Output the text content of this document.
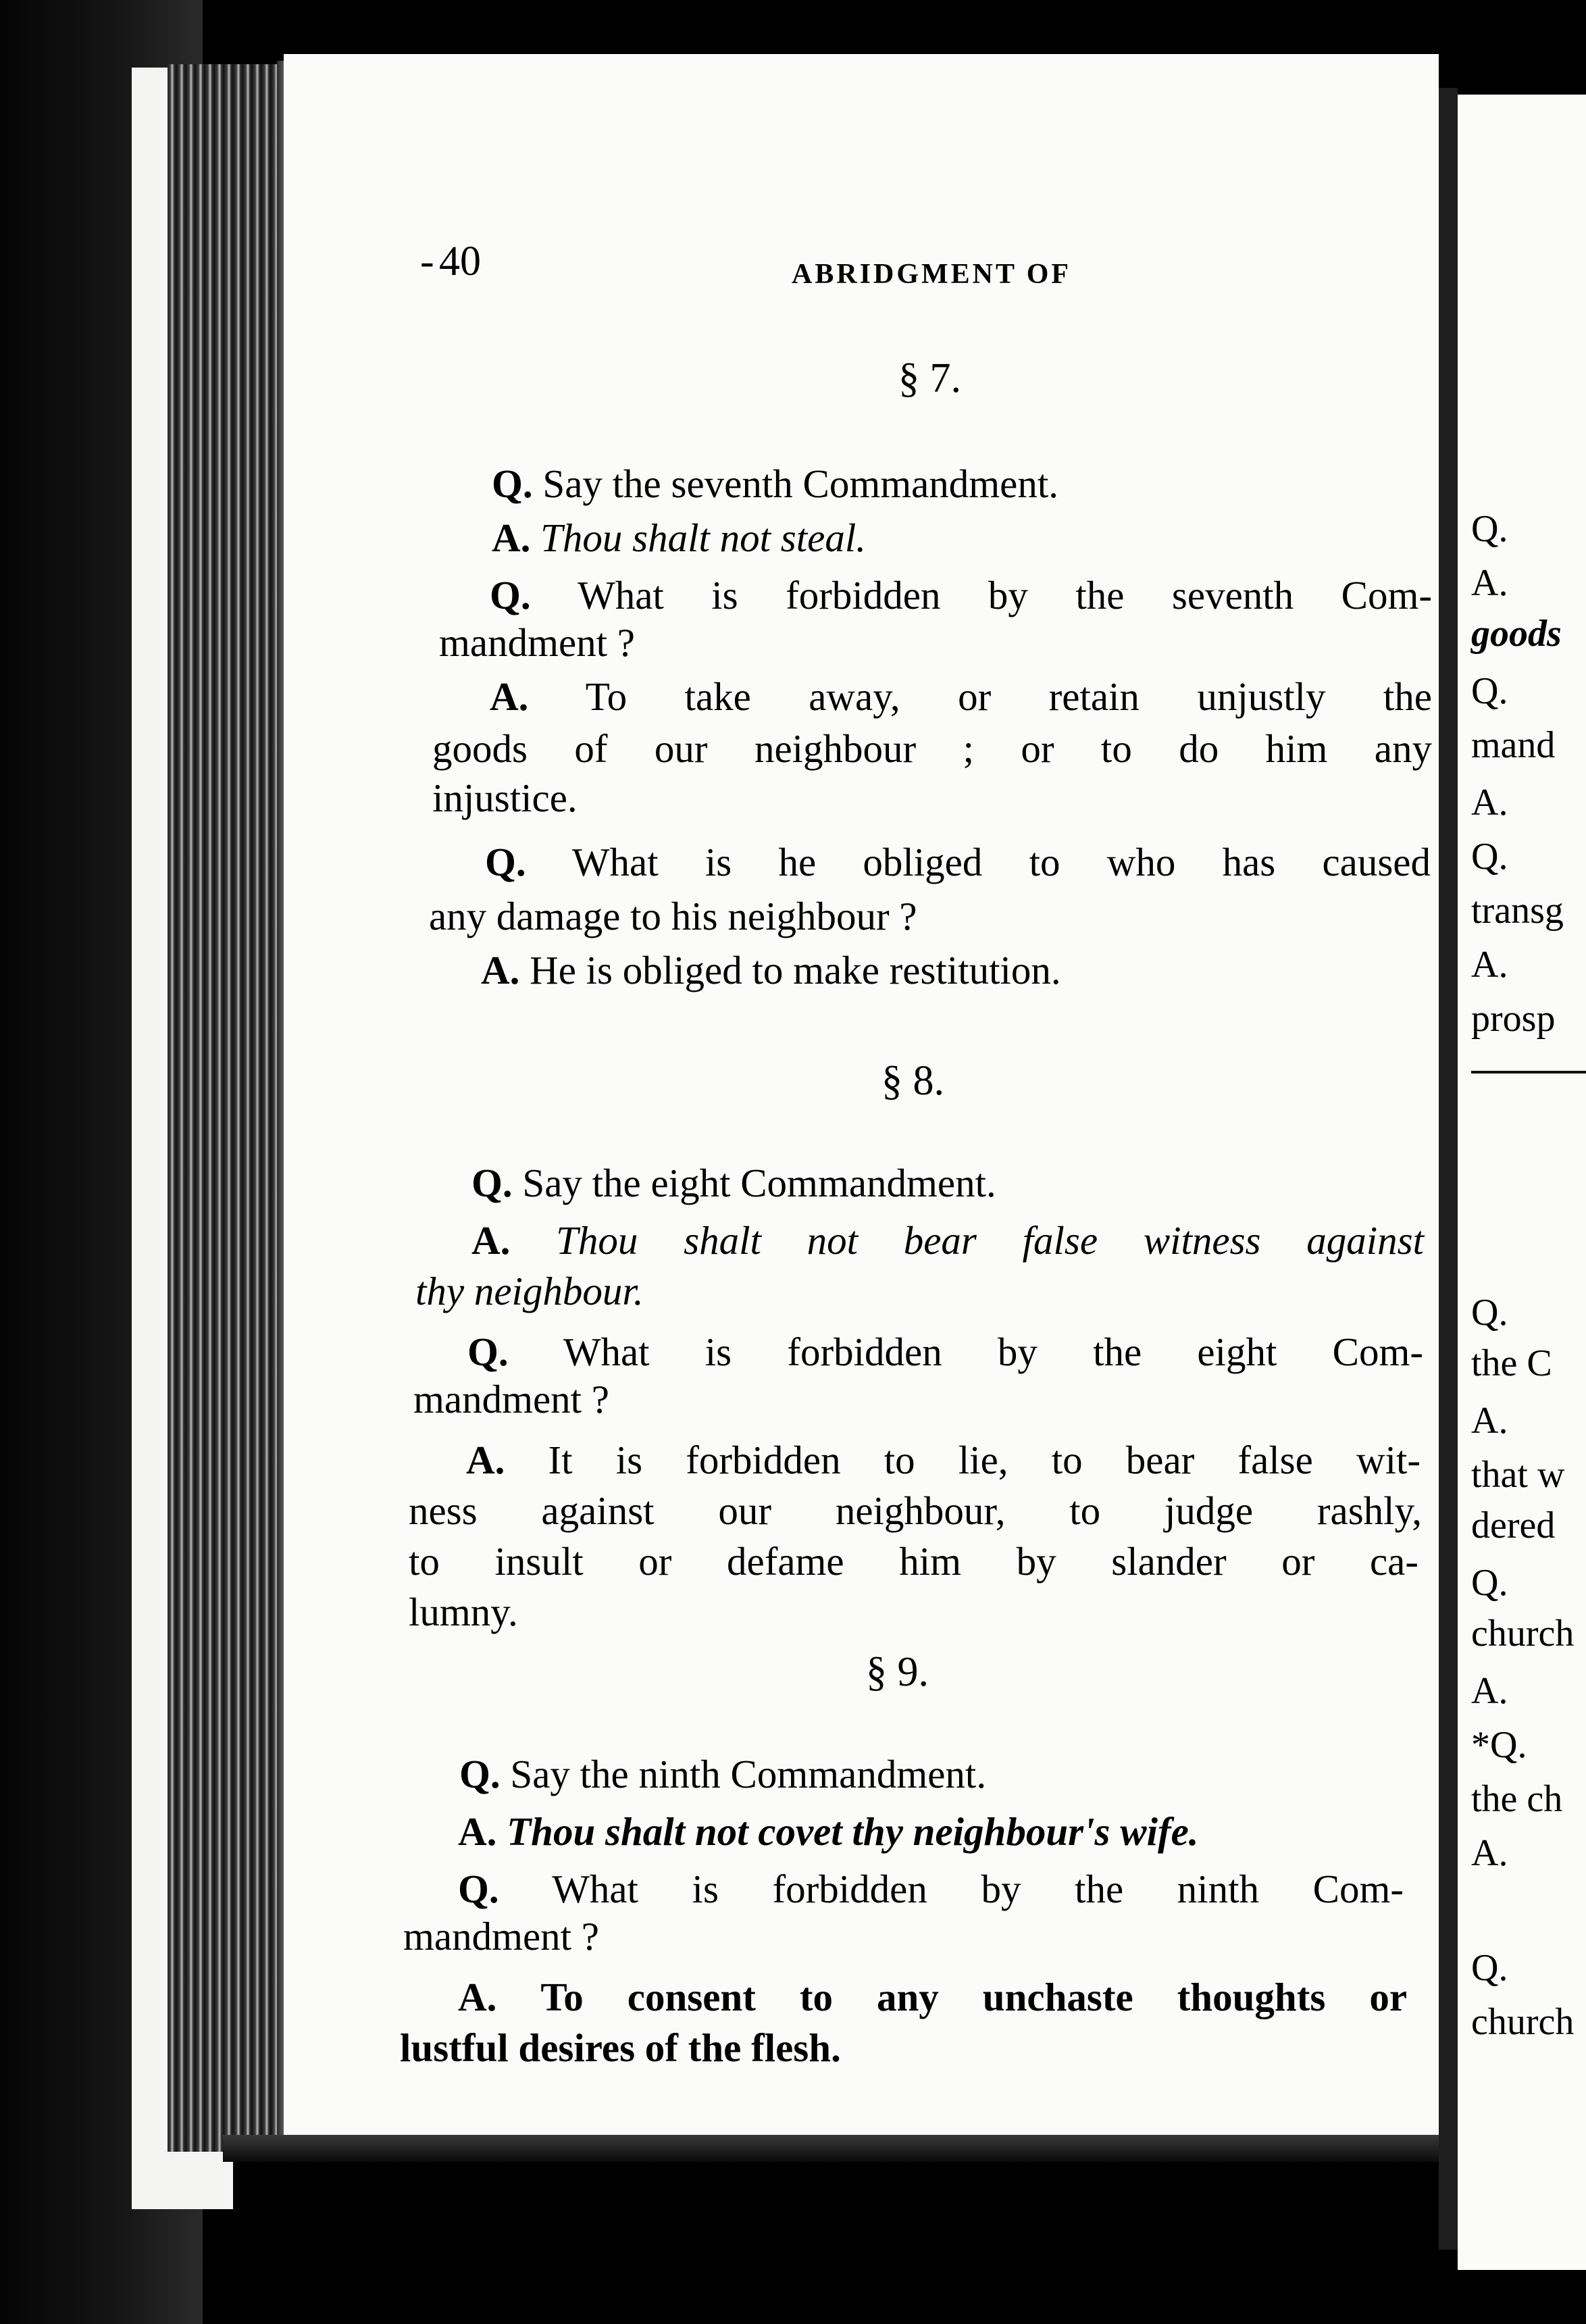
- 40	ABRIDGMENT OF
§ 7.
Q. Say the seventh Commandment.
A. Thou shalt not steal.
Q. What is forbidden by the seventh Com-
mandment ?
A. To take away, or retain unjustly the
goods of our neighbour ; or to do him any
injustice.
Q. What is he obliged to who has caused
any damage to his neighbour ?
A. He is obliged to make restitution.
§ 8.
Q. Say the eight Commandment.
A. Thou shalt not bear false witness against
thy neighbour.
Q. What is forbidden by the eight Com-
mandment ?
A. It is forbidden to lie, to bear false wit-
ness against our neighbour, to judge rashly,
to insult or defame him by slander or ca-
lumny.
§ 9.
Q. Say the ninth Commandment.
A. Thou shalt not covet thy neighbour's wife.
Q. What is forbidden by the ninth Com-
mandment ?
A. To consent to any unchaste thoughts or
lustful desires of the flesh.
Q.
A.
goods
Q.
mand
A.
Q.
transg
A.
prosp
Q.
the C
A.
that w
dered
Q.
church
A.
*Q.
the ch
A.
Q.
church
